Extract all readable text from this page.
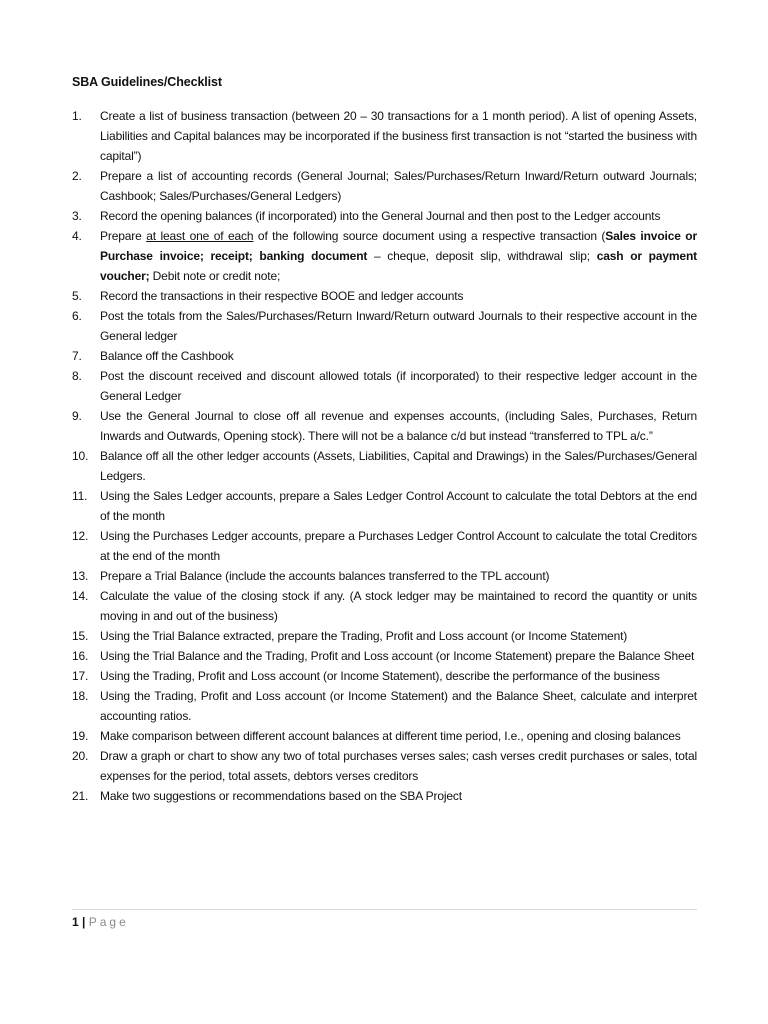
SBA Guidelines/Checklist
1.	Create a list of business transaction (between 20 – 30 transactions for a 1 month period). A list of opening Assets, Liabilities and Capital balances may be incorporated if the business first transaction is not “started the business with capital”)
2.	Prepare a list of accounting records (General Journal; Sales/Purchases/Return Inward/Return outward Journals; Cashbook; Sales/Purchases/General Ledgers)
3.	Record the opening balances (if incorporated) into the General Journal and then post to the Ledger accounts
4.	Prepare at least one of each of the following source document using a respective transaction (Sales invoice or Purchase invoice; receipt; banking document – cheque, deposit slip, withdrawal slip; cash or payment voucher; Debit note or credit note;
5.	Record the transactions in their respective BOOE and ledger accounts
6.	Post the totals from the Sales/Purchases/Return Inward/Return outward Journals to their respective account in the General ledger
7.	Balance off the Cashbook
8.	Post the discount received and discount allowed totals (if incorporated) to their respective ledger account in the General Ledger
9.	Use the General Journal to close off all revenue and expenses accounts, (including Sales, Purchases, Return Inwards and Outwards, Opening stock). There will not be a balance c/d but instead “transferred to TPL a/c.”
10. Balance off all the other ledger accounts (Assets, Liabilities, Capital and Drawings) in the Sales/Purchases/General Ledgers.
11.	Using the Sales Ledger accounts, prepare a Sales Ledger Control Account to calculate the total Debtors at the end of the month
12. Using the Purchases Ledger accounts, prepare a Purchases Ledger Control Account to calculate the total Creditors at the end of the month
13. Prepare a Trial Balance (include the accounts balances transferred to the TPL account)
14. Calculate the value of the closing stock if any. (A stock ledger may be maintained to record the quantity or units moving in and out of the business)
15. Using the Trial Balance extracted, prepare the Trading, Profit and Loss account (or Income Statement)
16. Using the Trial Balance and the Trading, Profit and Loss account (or Income Statement) prepare the Balance Sheet
17. Using the Trading, Profit and Loss account (or Income Statement), describe the performance of the business
18. Using the Trading, Profit and Loss account (or Income Statement) and the Balance Sheet, calculate and interpret accounting ratios.
19. Make comparison between different account balances at different time period, I.e., opening and closing balances
20. Draw a graph or chart to show any two of total purchases verses sales; cash verses credit purchases or sales, total expenses for the period, total assets, debtors verses creditors
21. Make two suggestions or recommendations based on the SBA Project
1 | Page
